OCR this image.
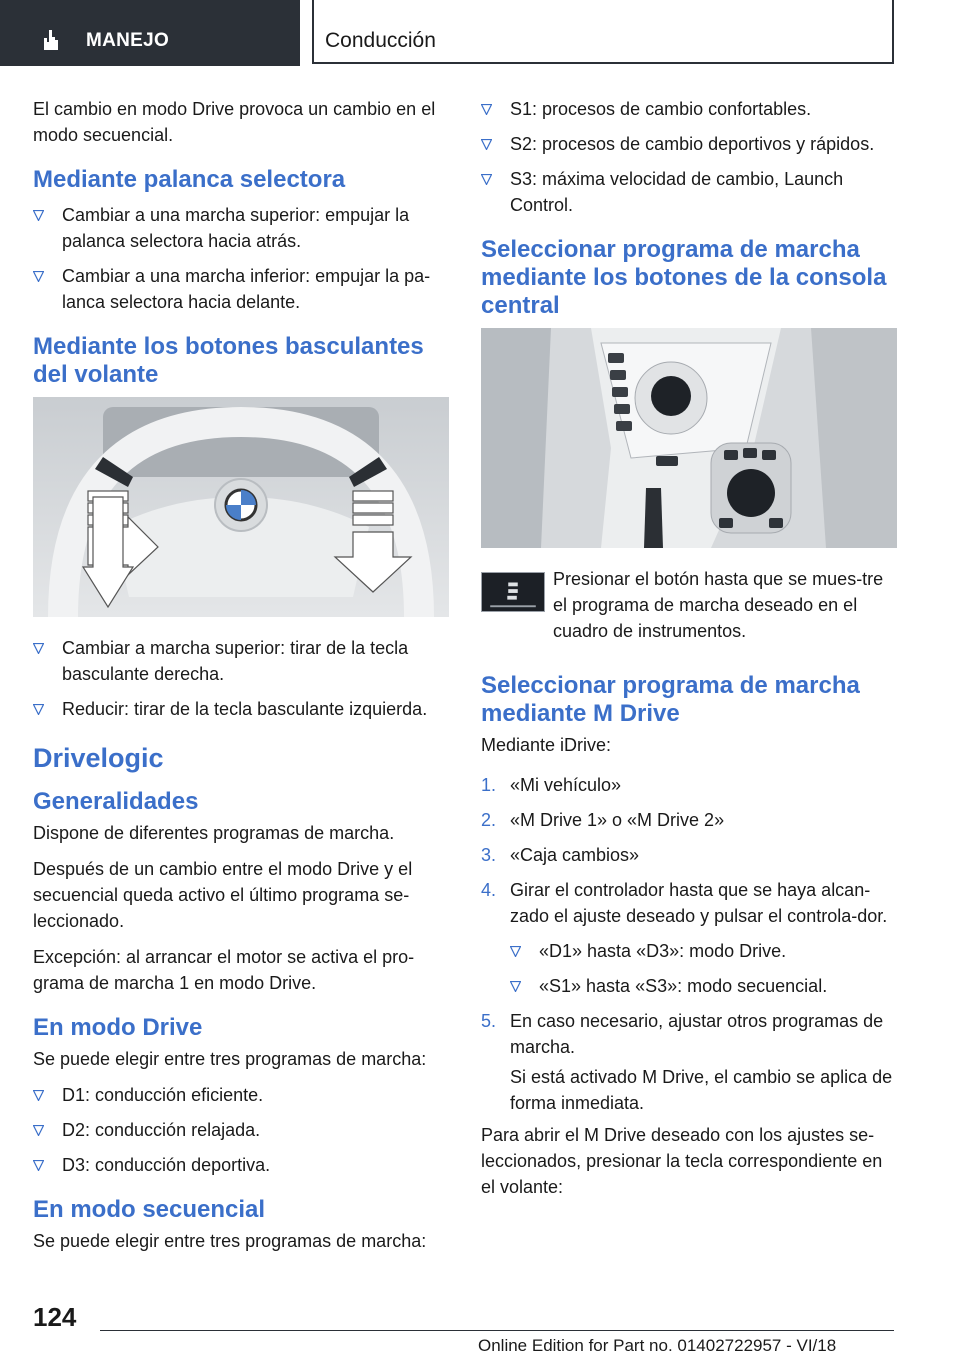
MANEJO	Conducción

El cambio en modo Drive provoca un cambio en el modo secuencial.

Mediante palanca selectora
Cambiar a una marcha superior: empujar la palanca selectora hacia atrás.
Cambiar a una marcha inferior: empujar la pa‐lanca selectora hacia delante.
Mediante los botones basculantes del volante
Cambiar a marcha superior: tirar de la tecla basculante derecha.
Reducir: tirar de la tecla basculante izquierda.
Drivelogic
Generalidades

Dispone de diferentes programas de marcha.

Después de un cambio entre el modo Drive y el secuencial queda activo el último programa se‐leccionado.

Excepción: al arrancar el motor se activa el pro‐grama de marcha 1 en modo Drive.

En modo Drive

Se puede elegir entre tres programas de marcha:

D1: conducción eficiente.
D2: conducción relajada.
D3: conducción deportiva.
En modo secuencial

Se puede elegir entre tres programas de marcha:

S1: procesos de cambio confortables.
S2: procesos de cambio deportivos y rápidos.
S3: máxima velocidad de cambio, Launch Control.
Seleccionar programa de marcha mediante los botones de la consola central
Presionar el botón hasta que se mues‐tre el programa de marcha deseado en el cuadro de instrumentos.
Seleccionar programa de marcha mediante M Drive

Mediante iDrive:

1. «Mi vehículo»
2. «M Drive 1» o «M Drive 2»
3. «Caja cambios»
4. Girar el controlador hasta que se haya alcan‐zado el ajuste deseado y pulsar el controla‐dor.
«D1» hasta «D3»: modo Drive.
«S1» hasta «S3»: modo secuencial.
5. En caso necesario, ajustar otros programas de marcha.

Si está activado M Drive, el cambio se aplica de forma inmediata.

Para abrir el M Drive deseado con los ajustes se‐leccionados, presionar la tecla correspondiente en el volante:

124
Online Edition for Part no. 01402722957 - VI/18
